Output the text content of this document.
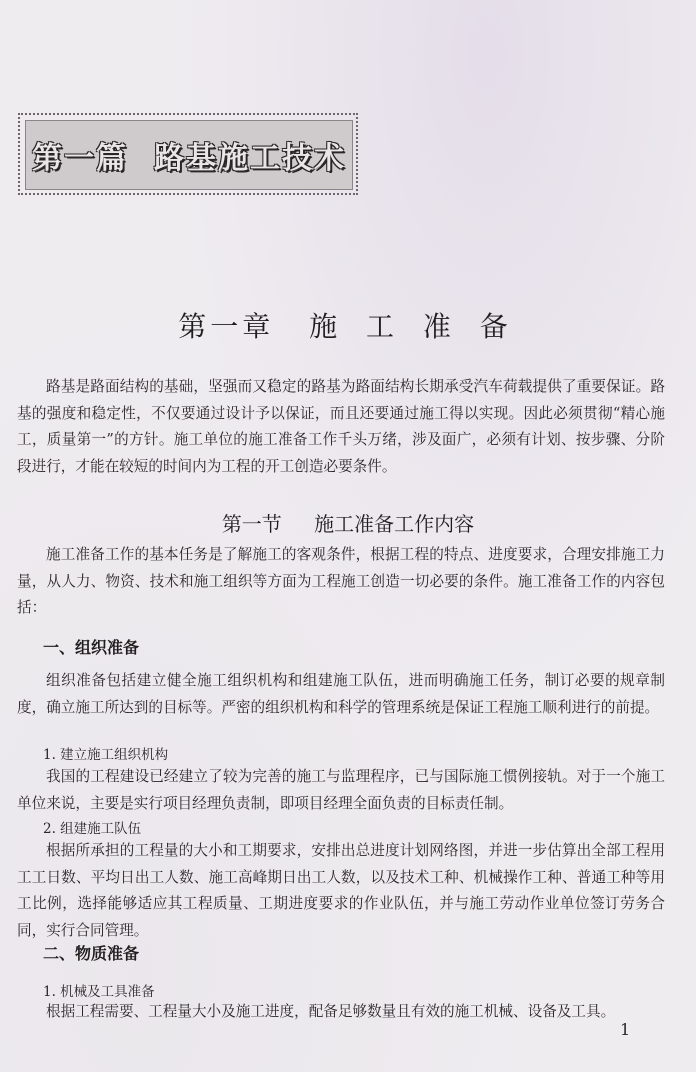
第一篇 路基施工技术
第一章 施 工 准 备

路基是路面结构的基础，坚强而又稳定的路基为路面结构长期承受汽车荷载提供了重要保证。路基的强度和稳定性，不仅要通过设计予以保证，而且还要通过施工得以实现。因此必须贯彻“精心施工，质量第一”的方针。施工单位的施工准备工作千头万绪，涉及面广，必须有计划、按步骤、分阶段进行，才能在较短的时间内为工程的开工创造必要条件。

第一节 施工准备工作内容

施工准备工作的基本任务是了解施工的客观条件，根据工程的特点、进度要求，合理安排施工力量，从人力、物资、技术和施工组织等方面为工程施工创造一切必要的条件。施工准备工作的内容包括：

一、组织准备

组织准备包括建立健全施工组织机构和组建施工队伍，进而明确施工任务，制订必要的规章制度，确立施工所达到的目标等。严密的组织机构和科学的管理系统是保证工程施工顺利进行的前提。

1. 建立施工组织机构

我国的工程建设已经建立了较为完善的施工与监理程序，已与国际施工惯例接轨。对于一个施工单位来说，主要是实行项目经理负责制，即项目经理全面负责的目标责任制。

2. 组建施工队伍

根据所承担的工程量的大小和工期要求，安排出总进度计划网络图，并进一步估算出全部工程用工工日数、平均日出工人数、施工高峰期日出工人数，以及技术工种、机械操作工种、普通工种等用工比例，选择能够适应其工程质量、工期进度要求的作业队伍，并与施工劳动作业单位签订劳务合同，实行合同管理。

二、物质准备
1. 机械及工具准备

根据工程需要、工程量大小及施工进度，配备足够数量且有效的施工机械、设备及工具。

1
